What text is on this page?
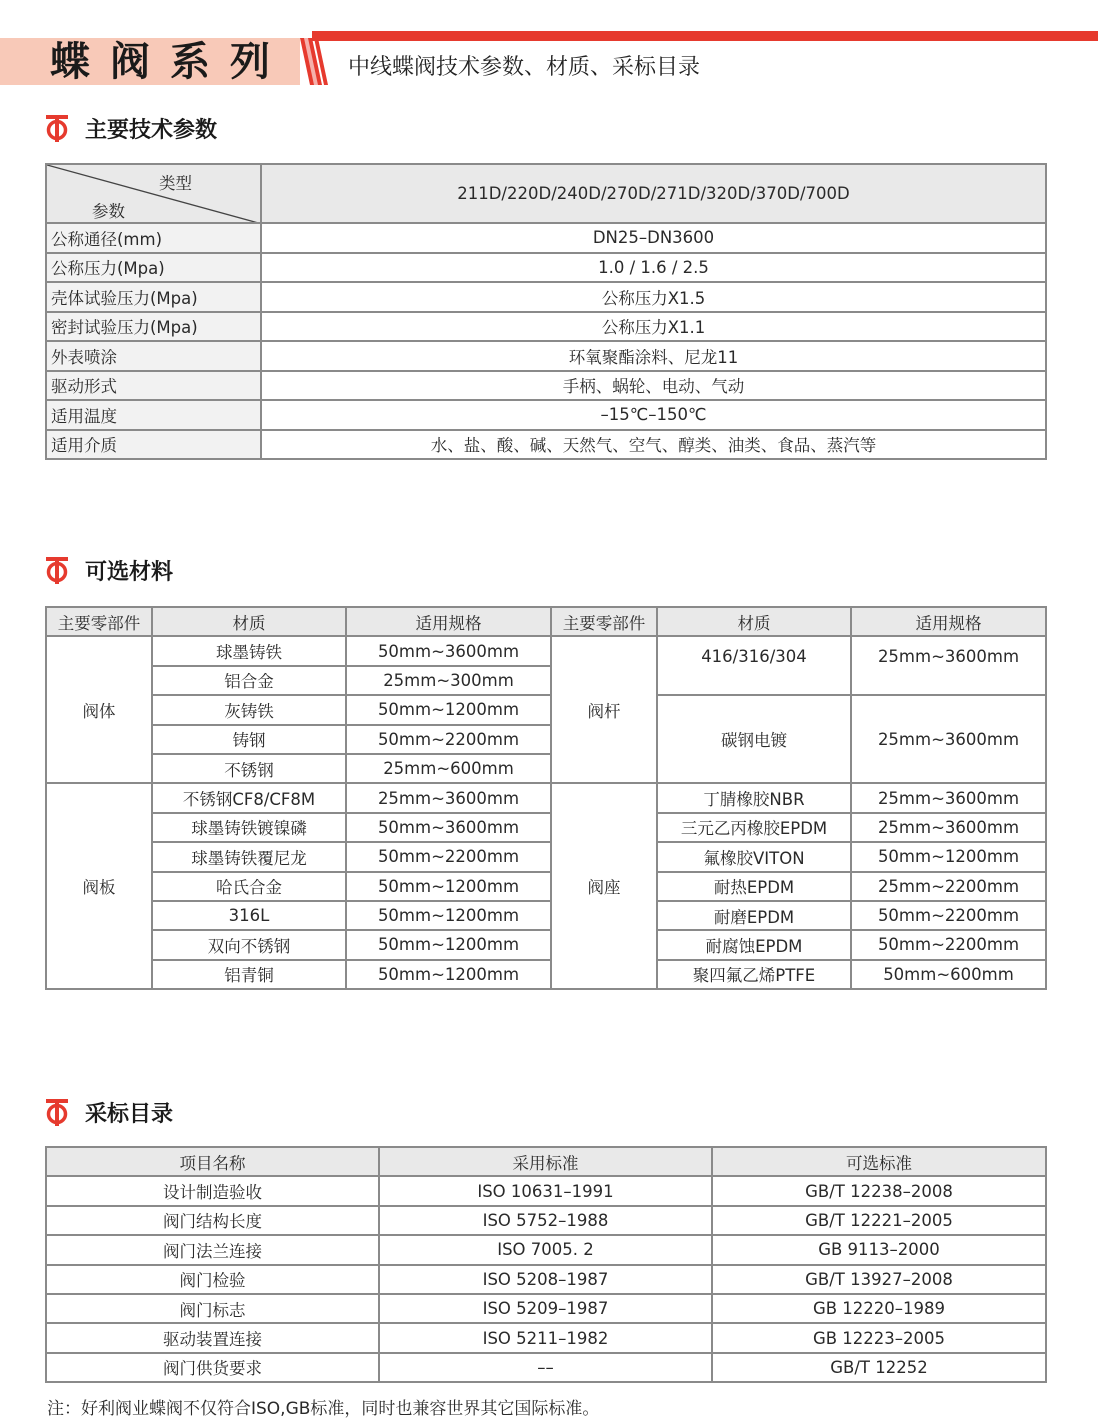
蝶阀系列	中线蝶阀技术参数、材质、采标目录
主要技术参数
类型
参数	211D/220D/240D/270D/271D/320D/370D/700D
公称通径(mm)	DN25–DN3600
公称压力(Mpa)	1.0 / 1.6 / 2.5
壳体试验压力(Mpa)	公称压力X1.5
密封试验压力(Mpa)	公称压力X1.1
外表喷涂	环氧聚酯涂料、尼龙11
驱动形式	手柄、蜗轮、电动、气动
适用温度	–15℃–150℃
适用介质	水、盐、酸、碱、天然气、空气、醇类、油类、食品、蒸汽等
可选材料
主要零部件	材质	适用规格	主要零部件	材质	适用规格
阀体	球墨铸铁	50mm~3600mm	阀杆	416/316/304	25mm~3600mm
	铝合金	25mm~300mm			
	灰铸铁	50mm~1200mm		碳钢电镀	25mm~3600mm
	铸钢	50mm~2200mm			
	不锈钢	25mm~600mm			
阀板	不锈钢CF8/CF8M	25mm~3600mm	阀座	丁腈橡胶NBR	25mm~3600mm
	球墨铸铁镀镍磷	50mm~3600mm		三元乙丙橡胶EPDM	25mm~3600mm
	球墨铸铁覆尼龙	50mm~2200mm		氟橡胶VITON	50mm~1200mm
	哈氏合金	50mm~1200mm		耐热EPDM	25mm~2200mm
	316L	50mm~1200mm		耐磨EPDM	50mm~2200mm
	双向不锈钢	50mm~1200mm		耐腐蚀EPDM	50mm~2200mm
	铝青铜	50mm~1200mm		聚四氟乙烯PTFE	50mm~600mm
采标目录
项目名称	采用标准	可选标准
设计制造验收	ISO 10631–1991	GB/T 12238–2008
阀门结构长度	ISO 5752–1988	GB/T 12221–2005
阀门法兰连接	ISO 7005. 2	GB 9113–2000
阀门检验	ISO 5208–1987	GB/T 13927–2008
阀门标志	ISO 5209–1987	GB 12220–1989
驱动装置连接	ISO 5211–1982	GB 12223–2005
阀门供货要求	––	GB/T 12252
注：好利阀业蝶阀不仅符合ISO,GB标准，同时也兼容世界其它国际标准。
